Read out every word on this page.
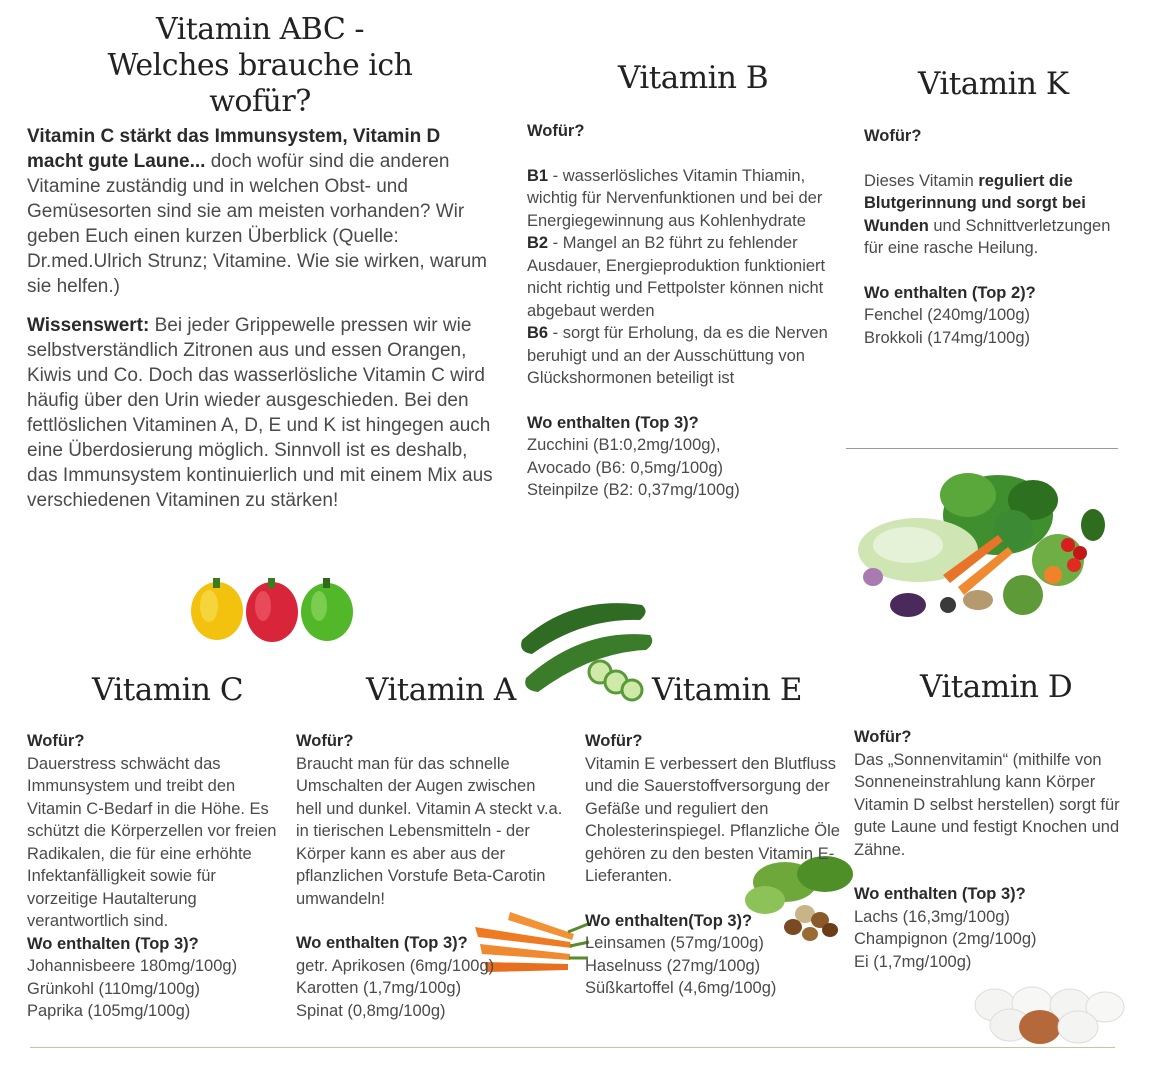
Vitamin ABC -
Welches brauche ich wofür?

Vitamin C stärkt das Immunsystem, Vitamin D macht gute Laune... doch wofür sind die anderen Vitamine zuständig und in welchen Obst- und Gemüsesorten sind sie am meisten vorhanden? Wir geben Euch einen kurzen Überblick (Quelle: Dr.med.Ulrich Strunz; Vitamine. Wie sie wirken, warum sie helfen.)

Wissenswert: Bei jeder Grippewelle pressen wir wie selbstverständlich Zitronen aus und essen Orangen, Kiwis und Co. Doch das wasserlösliche Vitamin C wird häufig über den Urin wieder ausgeschieden. Bei den fettlöslichen Vitaminen A, D, E und K ist hingegen auch eine Überdosierung möglich. Sinnvoll ist es deshalb, das Immunsystem kontinuierlich und mit einem Mix aus verschiedenen Vitaminen zu stärken!

Vitamin B
Wofür?
B1 - wasserlösliches Vitamin Thiamin, wichtig für Nervenfunktionen und bei der Energiegewinnung aus Kohlenhydrate
B2 - Mangel an B2 führt zu fehlender Ausdauer, Energieproduktion funktioniert nicht richtig und Fettpolster können nicht abgebaut werden
B6 - sorgt für Erholung, da es die Nerven beruhigt und an der Ausschüttung von Glückshormonen beteiligt ist
Wo enthalten (Top 3)?
Zucchini (B1:0,2mg/100g),
Avocado (B6: 0,5mg/100g)
Steinpilze (B2: 0,37mg/100g)
Vitamin K
Wofür?
Dieses Vitamin reguliert die Blutgerinnung und sorgt bei Wunden und Schnittverletzungen für eine rasche Heilung.
Wo enthalten (Top 2)?
Fenchel (240mg/100g)
Brokkoli (174mg/100g)
Vitamin C	Vitamin A	Vitamin E	Vitamin D
Wofür?
Dauerstress schwächt das Immunsystem und treibt den Vitamin C-Bedarf in die Höhe. Es schützt die Körperzellen vor freien Radikalen, die für eine erhöhte Infektanfälligkeit sowie für vorzeitige Hautalterung verantwortlich sind.
Wo enthalten (Top 3)?
Johannisbeere 180mg/100g)
Grünkohl (110mg/100g)
Paprika (105mg/100g)
Wofür?
Braucht man für das schnelle Umschalten der Augen zwischen hell und dunkel. Vitamin A steckt v.a. in tierischen Lebensmitteln - der Körper kann es aber aus der pflanzlichen Vorstufe Beta-Carotin umwandeln!
Wo enthalten (Top 3)?
getr. Aprikosen (6mg/100g)
Karotten (1,7mg/100g)
Spinat (0,8mg/100g)
Wofür?
Vitamin E verbessert den Blutfluss und die Sauerstoffversorgung der Gefäße und reguliert den Cholesterinspiegel. Pflanzliche Öle gehören zu den besten Vitamin E-Lieferanten.
Wo enthalten(Top 3)?
Leinsamen (57mg/100g)
Haselnuss (27mg/100g)
Süßkartoffel (4,6mg/100g)
Wofür?
Das „Sonnenvitamin“ (mithilfe von Sonneneinstrahlung kann Körper Vitamin D selbst herstellen) sorgt für gute Laune und festigt Knochen und Zähne.
Wo enthalten (Top 3)?
Lachs (16,3mg/100g)
Champignon (2mg/100g)
Ei (1,7mg/100g)
